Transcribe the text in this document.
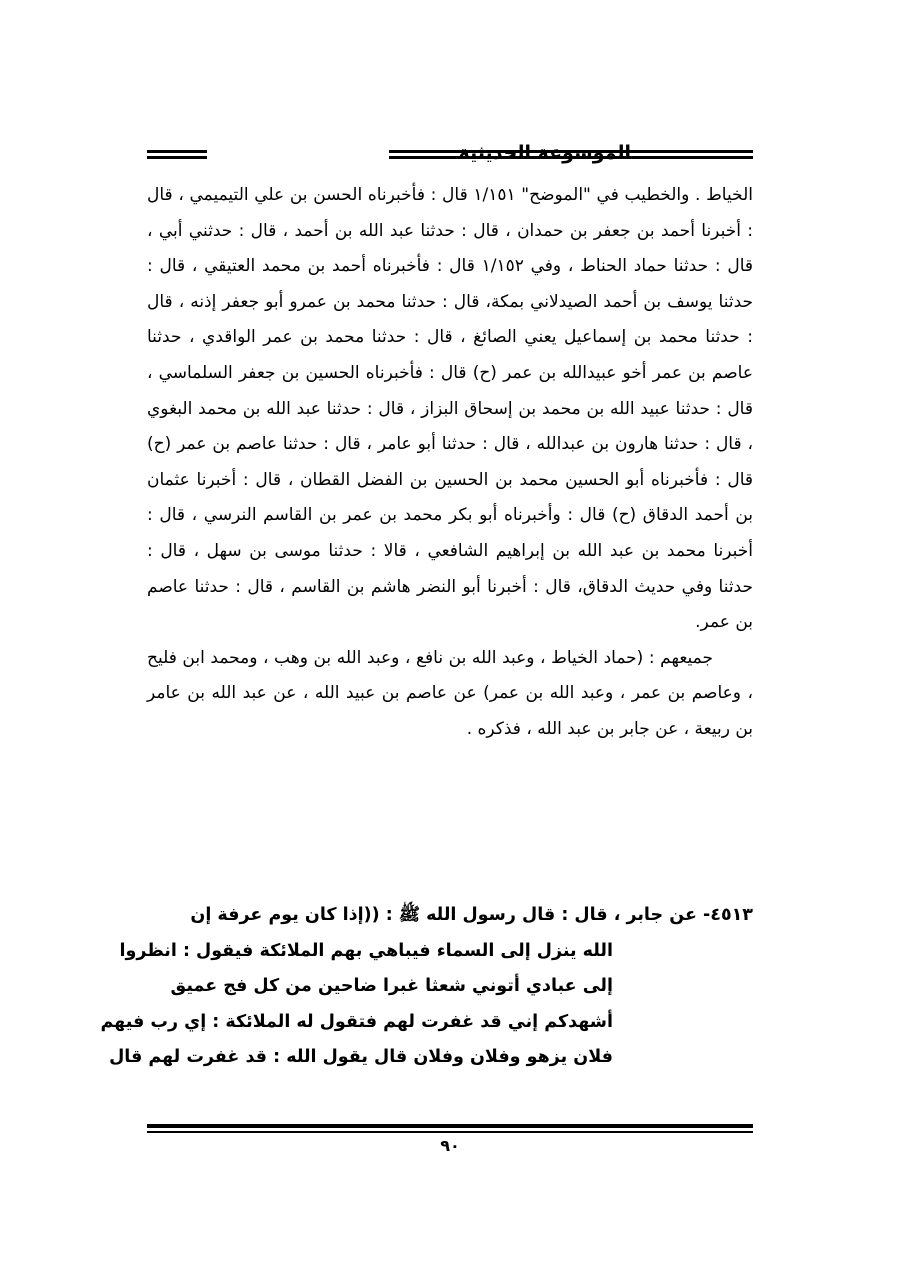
الموسوعة الحديثية

الخياط . والخطيب في "الموضح" ١/١٥١ قال : فأخبرناه الحسن بن علي التيميمي ، قال : أخبرنا أحمد بن جعفر بن حمدان ، قال : حدثنا عبد الله بن أحمد ، قال : حدثني أبي ، قال : حدثنا حماد الحناط ، وفي ١/١٥٢ قال : فأخبرناه أحمد بن محمد العتيقي ، قال : حدثنا يوسف بن أحمد الصيدلاني بمكة، قال : حدثنا محمد بن عمرو أبو جعفر إذنه ، قال : حدثنا محمد بن إسماعيل يعني الصائغ ، قال : حدثنا محمد بن عمر الواقدي ، حدثنا عاصم بن عمر أخو عبيدالله بن عمر (ح) قال : فأخبرناه الحسين بن جعفر السلماسي ، قال : حدثنا عبيد الله بن محمد بن إسحاق البزاز ، قال : حدثنا عبد الله بن محمد البغوي ، قال : حدثنا هارون بن عبدالله ، قال : حدثنا أبو عامر ، قال : حدثنا عاصم بن عمر (ح) قال : فأخبرناه أبو الحسين محمد بن الحسين بن الفضل القطان ، قال : أخبرنا عثمان بن أحمد الدقاق (ح) قال : وأخبرناه أبو بكر محمد بن عمر بن القاسم النرسي ، قال : أخبرنا محمد بن عبد الله بن إبراهيم الشافعي ، قالا : حدثنا موسى بن سهل ، قال : حدثنا وفي حديث الدقاق، قال : أخبرنا أبو النضر هاشم بن القاسم ، قال : حدثنا عاصم بن عمر.

جميعهم : (حماد الخياط ، وعبد الله بن نافع ، وعبد الله بن وهب ، ومحمد ابن فليح ، وعاصم بن عمر ، وعبد الله بن عمر) عن عاصم بن عبيد الله ، عن عبد الله بن عامر بن ربيعة ، عن جابر بن عبد الله ، فذكره .

٤٥١٣- عن جابر ، قال : قال رسول الله ﷺ : ((إذا كان يوم عرفة إن
الله ينزل إلى السماء فيباهي بهم الملائكة فيقول : انظروا
إلى عبادي أتوني شعثا غبرا ضاحين من كل فج عميق
أشهدكم إني قد غفرت لهم فتقول له الملائكة : إي رب فيهم
فلان يزهو وفلان وفلان قال يقول الله : قد غفرت لهم قال
٩٠
